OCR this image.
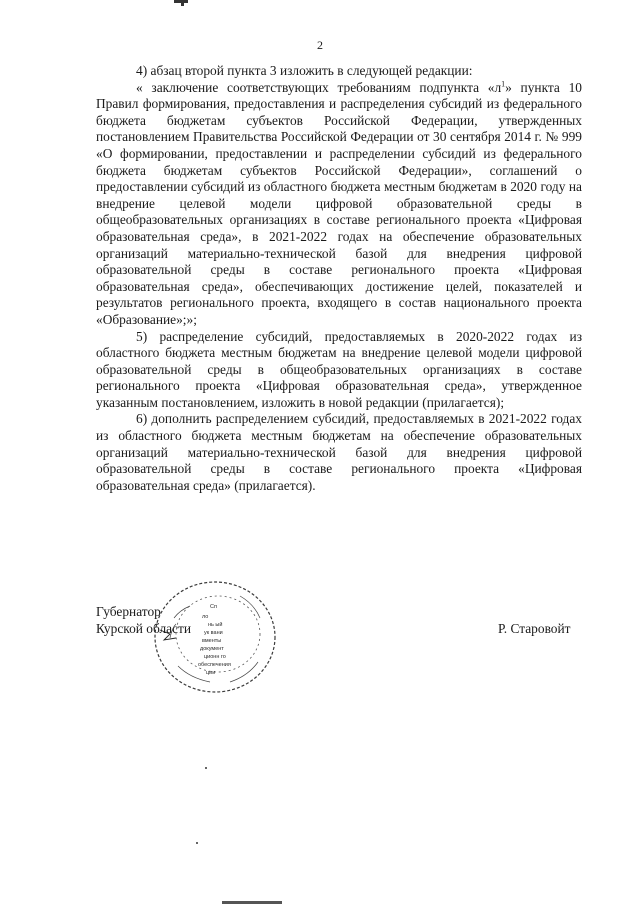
2

4) абзац второй пункта 3 изложить в следующей редакции:

« заключение соответствующих требованиям подпункта «л$^1$» пункта 10 Правил формирования, предоставления и распределения субсидий из федерального бюджета бюджетам субъектов Российской Федерации, утвержденных постановлением Правительства Российской Федерации от 30 сентября 2014 г. № 999 «О формировании, предоставлении и распределении субсидий из федерального бюджета бюджетам субъектов Российской Федерации», соглашений о предоставлении субсидий из областного бюджета местным бюджетам в 2020 году на внедрение целевой модели цифровой образовательной среды в общеобразовательных организациях в составе регионального проекта «Цифровая образовательная среда», в 2021-2022 годах на обеспечение образовательных организаций материально-технической базой для внедрения цифровой образовательной среды в составе регионального проекта «Цифровая образовательная среда», обеспечивающих достижение целей, показателей и результатов регионального проекта, входящего в состав национального проекта «Образование»;»;

5) распределение субсидий, предоставляемых в 2020-2022 годах из областного бюджета местным бюджетам на внедрение целевой модели цифровой образовательной среды в общеобразовательных организациях в составе регионального проекта «Цифровая образовательная среда», утвержденное указанным постановлением, изложить в новой редакции (прилагается);

6) дополнить распределением субсидий, предоставляемых в 2021-2022 годах из областного бюджета местным бюджетам на обеспечение образовательных организаций материально-технической базой для внедрения цифровой образовательной среды в составе регионального проекта «Цифровая образовательная среда» (прилагается).

Губернатор
Курской области
Сп
ло
нь ый
ук вани
вменты
документ
ционн го
обеспечения
ции
Р. Старовойт
